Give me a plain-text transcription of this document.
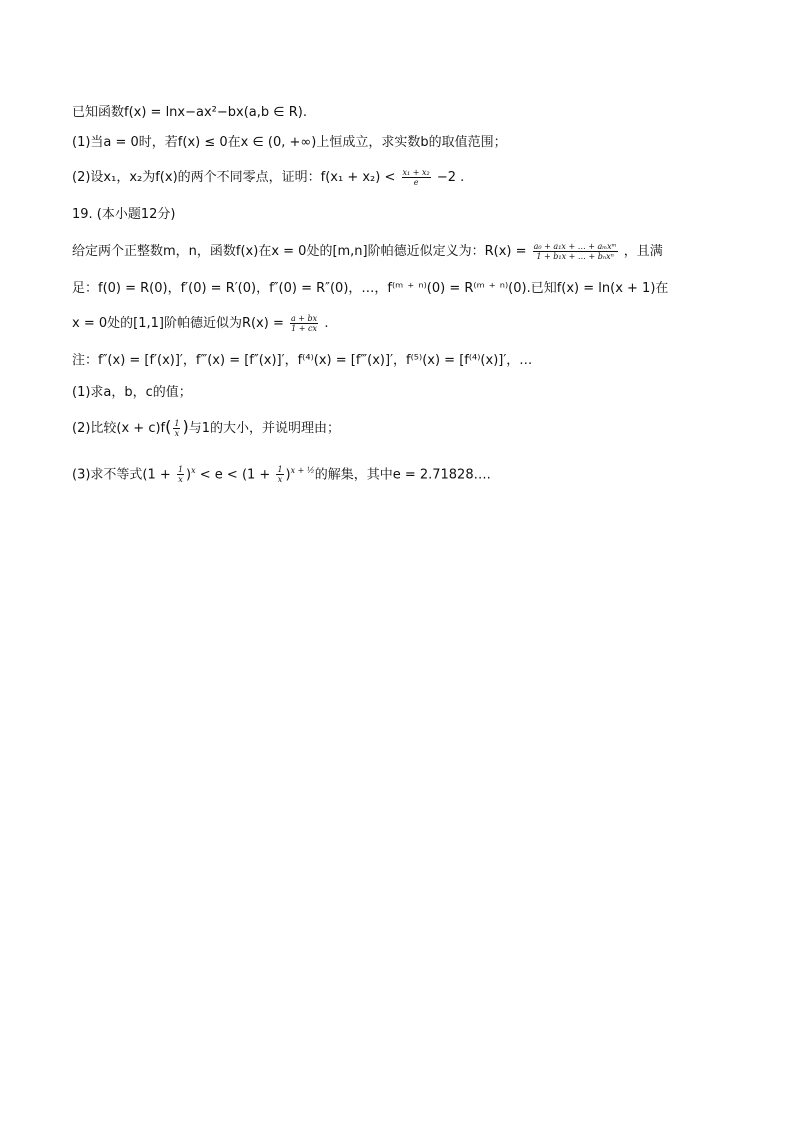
已知函数f(x) = lnx−ax²−bx(a,b ∈ R).
(1)当a = 0时，若f(x) ≤ 0在x ∈ (0, +∞)上恒成立，求实数b的取值范围；
(2)设x₁，x₂为f(x)的两个不同零点，证明：$f(x_1 + x_2) < \frac{\text{x₁ + x₂}}{e} -2$ .
19. (本小题12分)
给定两个正整数m，n，函数f(x)在x = 0处的[m,n]阶帕德近似定义为：$R(x) = \frac{\text{a₀ + a₁x + … + aₘxᵐ}}{\text{1 + b₁x + … + bₙxⁿ}}$ ，且满
足：f(0) = R(0)，f′(0) = R′(0)，f″(0) = R″(0)，…，f⁽ᵐ ⁺ ⁿ⁾(0) = R⁽ᵐ ⁺ ⁿ⁾(0).已知f(x) = ln(x + 1)在
x = 0处的[1,1]阶帕德近似为$R(x) = \frac{a + bx}{1 + cx}$ .
注：f″(x) = [f′(x)]′，f‴(x) = [f″(x)]′，f⁽⁴⁾(x) = [f‴(x)]′，f⁽⁵⁾(x) = [f⁽⁴⁾(x)]′，…
(1)求a，b，c的值；
(2)比较$(x + c)f( \frac{1}{x}$ )与1的大小，并说明理由；
(3)求不等式$(1 + \frac{1}{x} )^x < e < (1 + \frac{1}{x} )^{x + \frac{1}{2}}$的解集，其中e = 2.71828….
